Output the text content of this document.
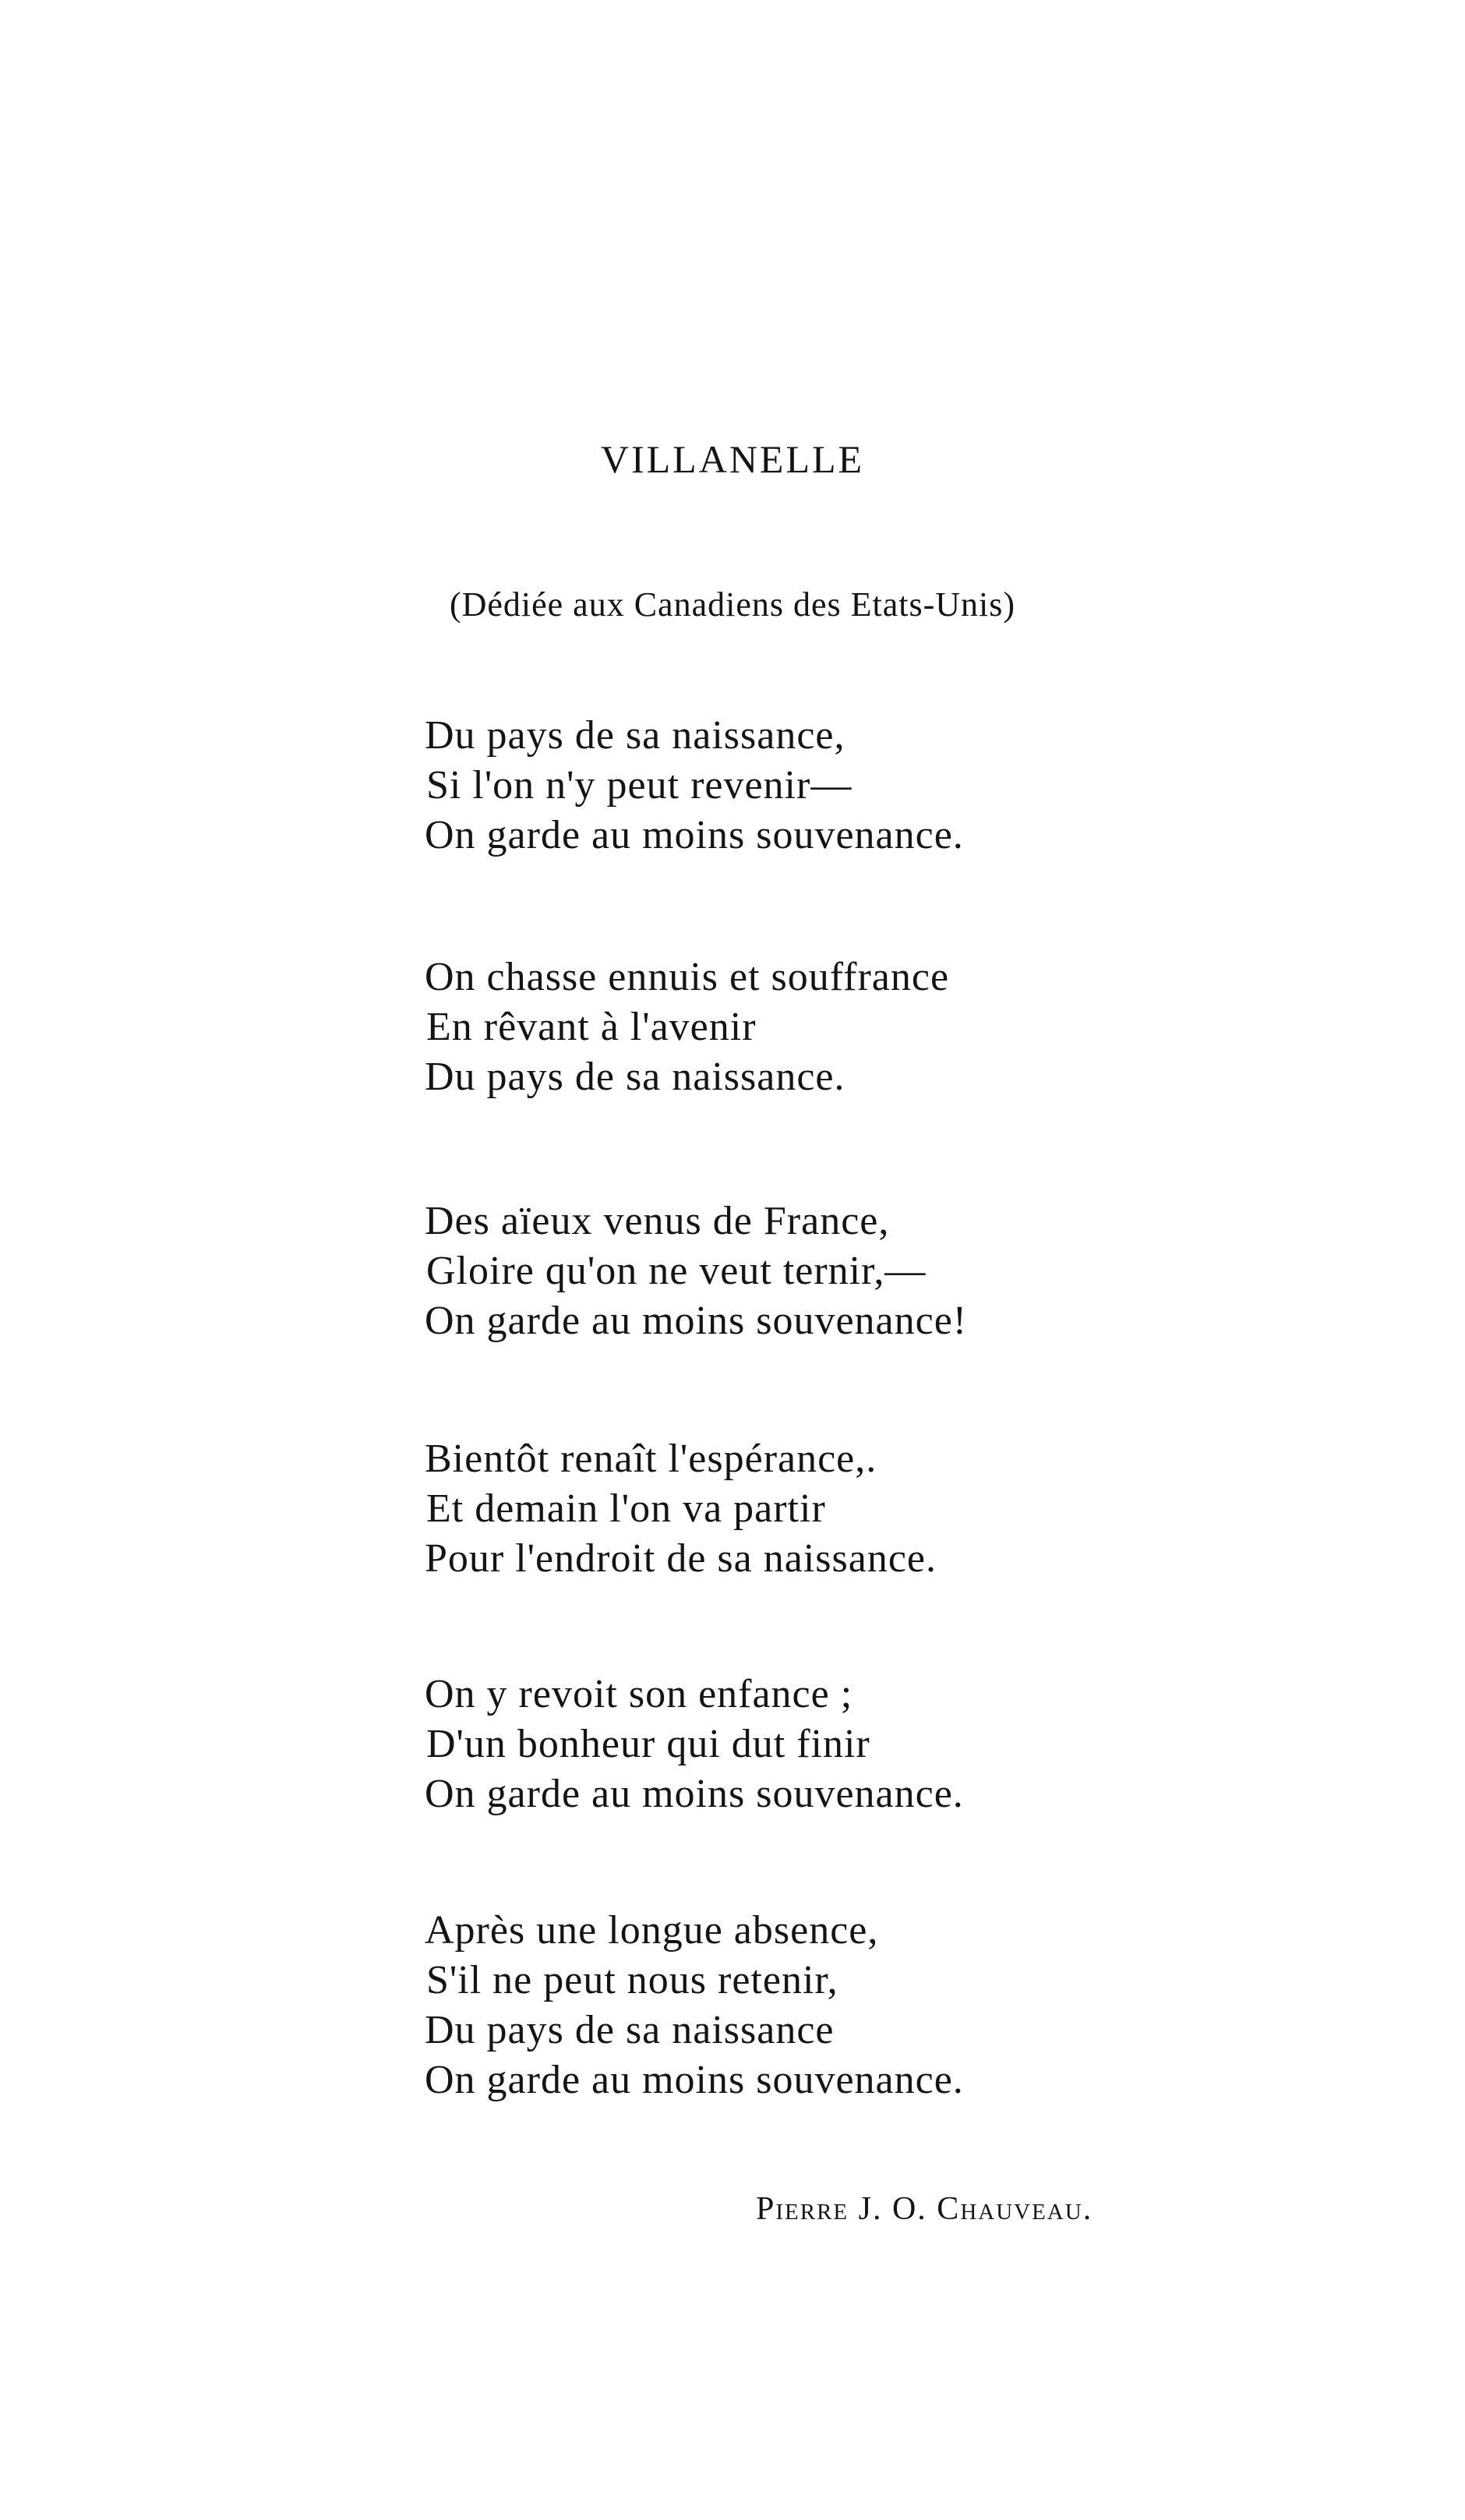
VILLANELLE
(Dédiée aux Canadiens des Etats-Unis)
Du pays de sa naissance,
Si l'on n'y peut revenir—
On garde au moins souvenance.
On chasse ennuis et souffrance
En rêvant à l'avenir
Du pays de sa naissance.
Des aïeux venus de France,
Gloire qu'on ne veut ternir,—
On garde au moins souvenance!
Bientôt renaît l'espérance,.
Et demain l'on va partir
Pour l'endroit de sa naissance.
On y revoit son enfance ;
D'un bonheur qui dut finir
On garde au moins souvenance.
Après une longue absence,
S'il ne peut nous retenir,
Du pays de sa naissance
On garde au moins souvenance.
Pierre J. O. Chauveau.
